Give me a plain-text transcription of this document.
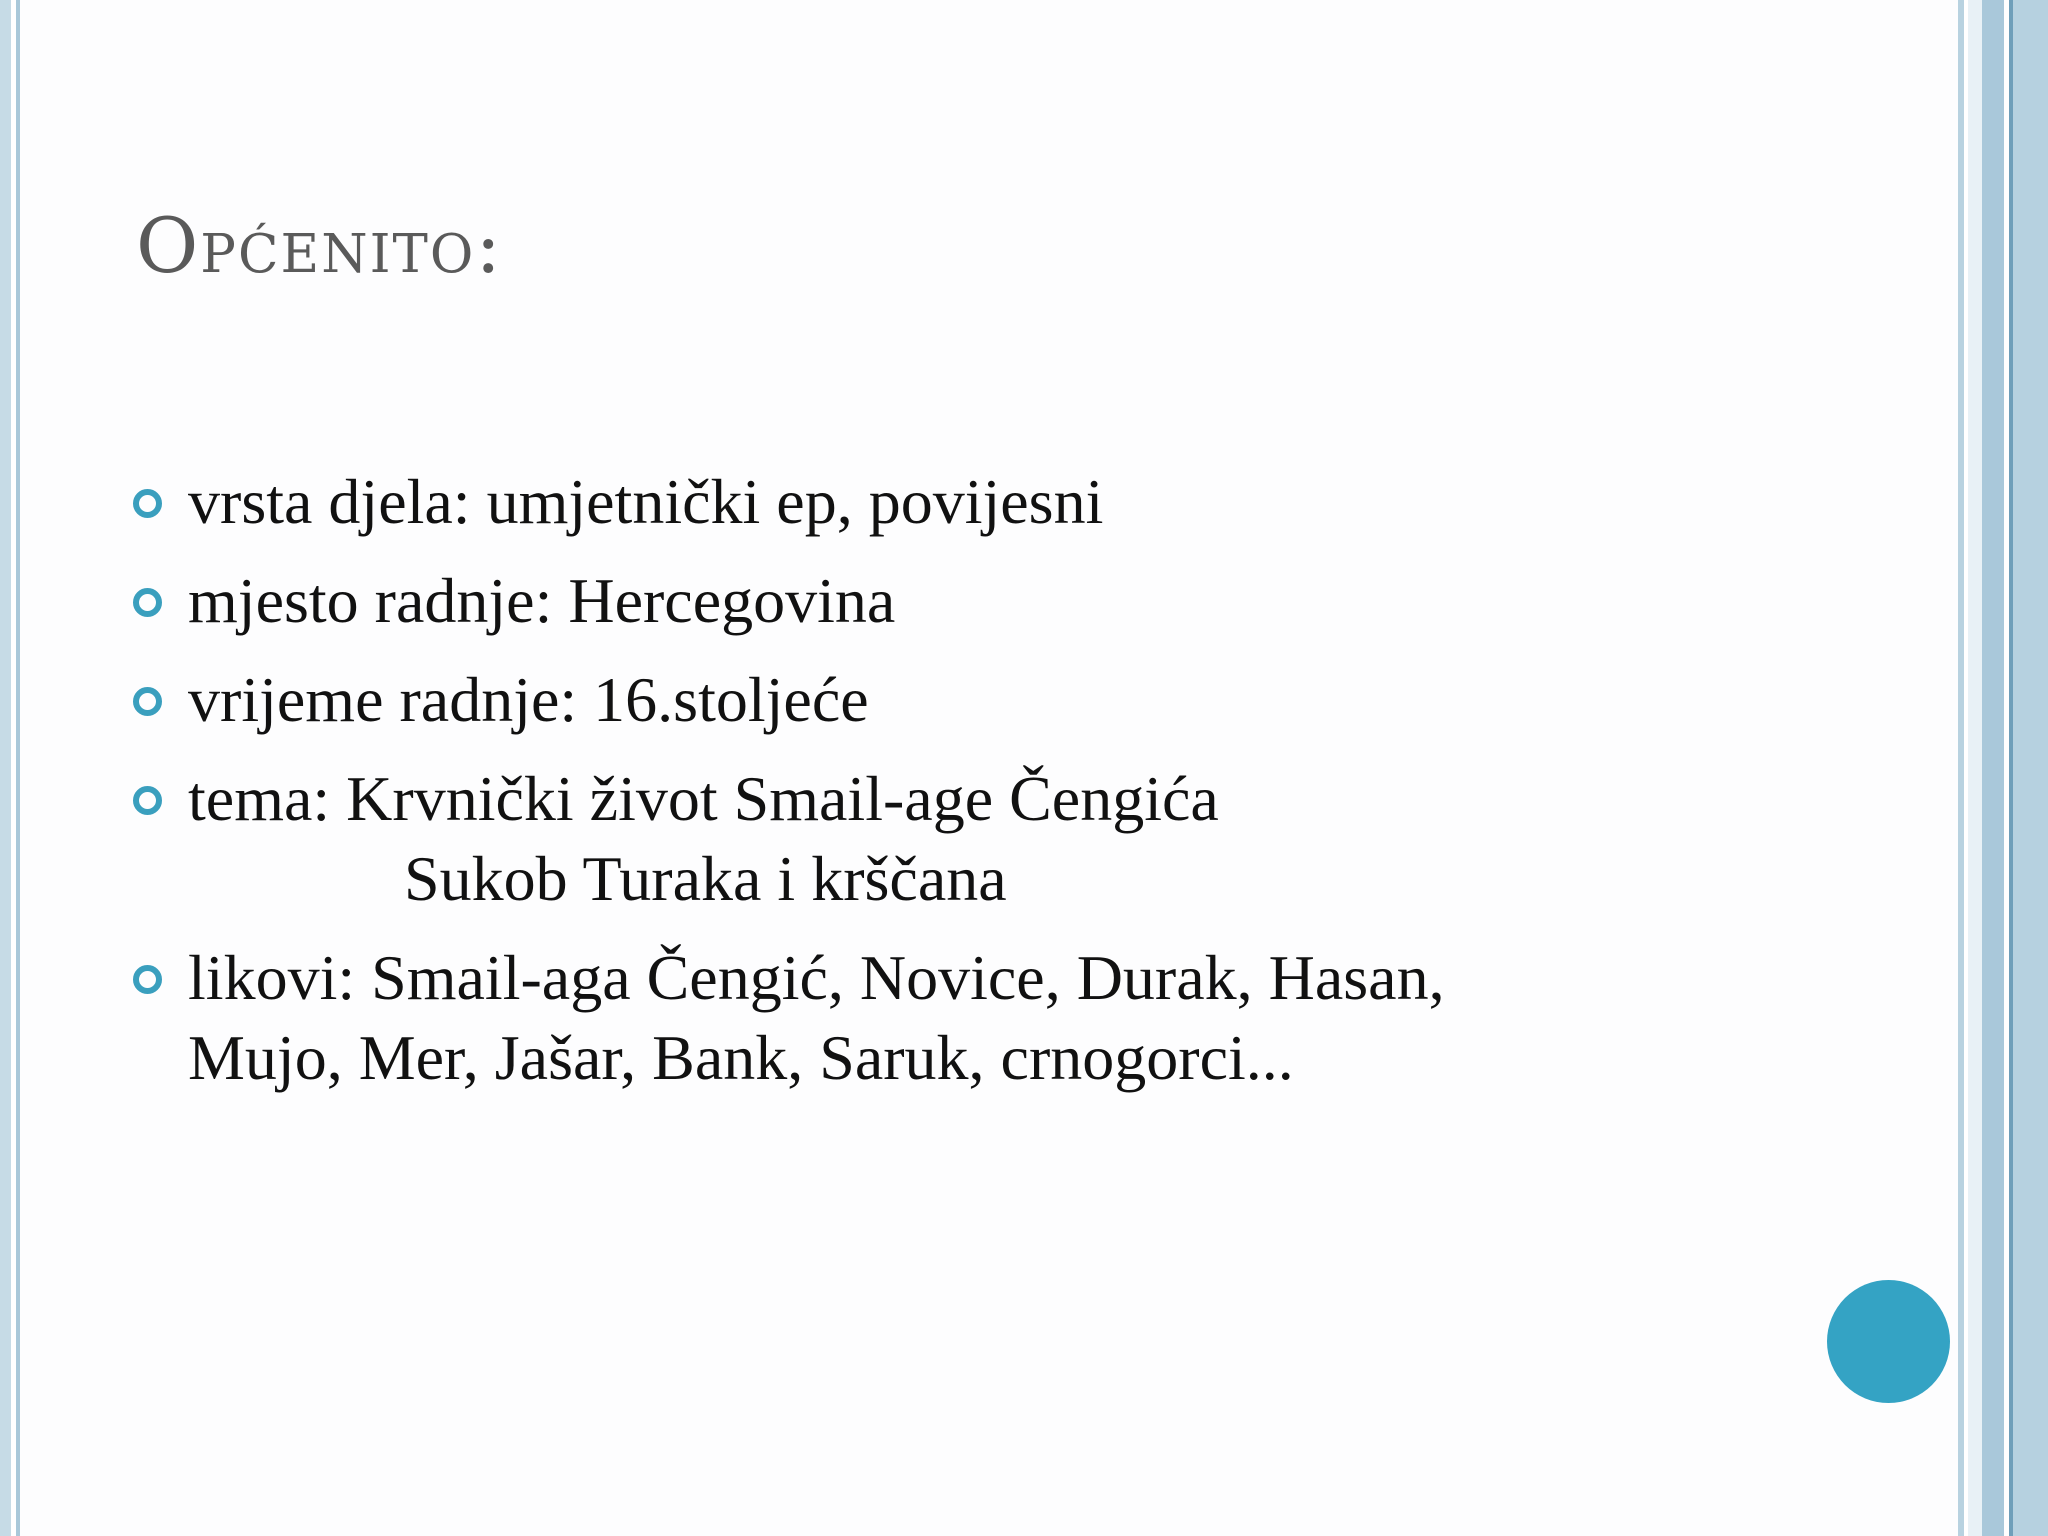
Općenito:
vrsta djela: umjetnički ep, povijesni
mjesto radnje: Hercegovina
vrijeme radnje: 16.stoljeće
tema: Krvnički život Smail-age Čengića
Sukob Turaka i krščana
likovi: Smail-aga Čengić, Novice, Durak, Hasan,
Mujo, Mer, Jašar, Bank, Saruk, crnogorci...
